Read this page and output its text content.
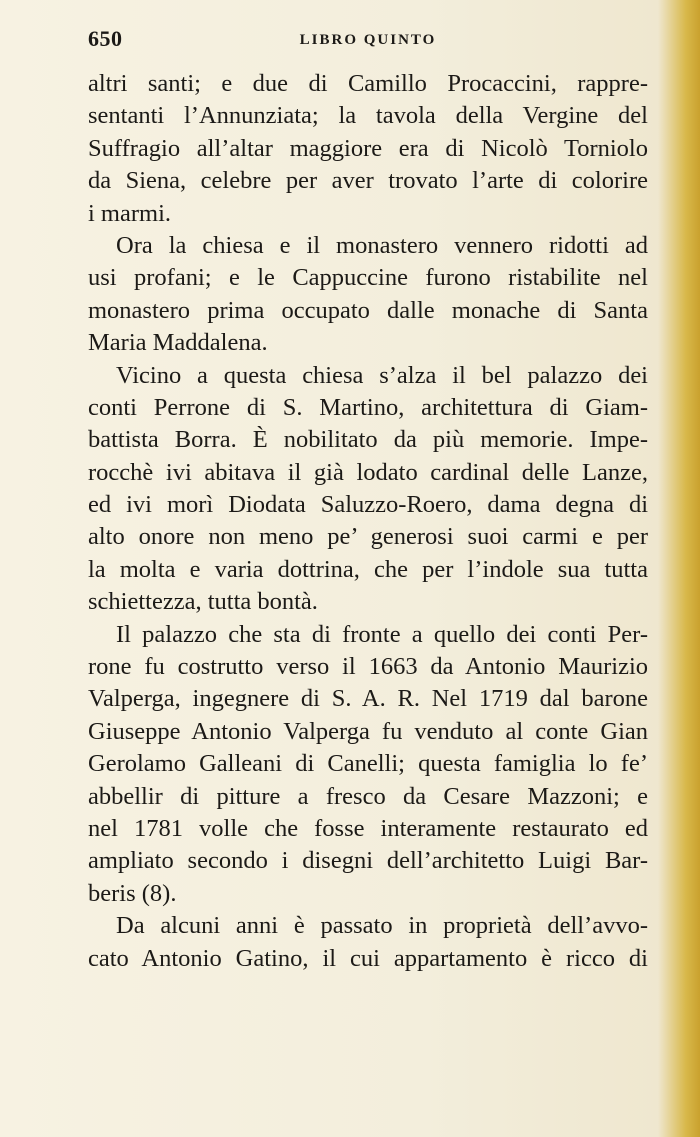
650	LIBRO QUINTO
altri santi; e due di Camillo Procaccini, rappre-
sentanti l’Annunziata; la tavola della Vergine del
Suffragio all’altar maggiore era di Nicolò Torniolo
da Siena, celebre per aver trovato l’arte di colorire
i marmi.
Ora la chiesa e il monastero vennero ridotti ad
usi profani; e le Cappuccine furono ristabilite nel
monastero prima occupato dalle monache di Santa
Maria Maddalena.
Vicino a questa chiesa s’alza il bel palazzo dei
conti Perrone di S. Martino, architettura di Giam-
battista Borra. È nobilitato da più memorie. Impe-
rocchè ivi abitava il già lodato cardinal delle Lanze,
ed ivi morì Diodata Saluzzo-Roero, dama degna di
alto onore non meno pe’ generosi suoi carmi e per
la molta e varia dottrina, che per l’indole sua tutta
schiettezza, tutta bontà.
Il palazzo che sta di fronte a quello dei conti Per-
rone fu costrutto verso il 1663 da Antonio Maurizio
Valperga, ingegnere di S. A. R. Nel 1719 dal barone
Giuseppe Antonio Valperga fu venduto al conte Gian
Gerolamo Galleani di Canelli; questa famiglia lo fe’
abbellir di pitture a fresco da Cesare Mazzoni; e
nel 1781 volle che fosse interamente restaurato ed
ampliato secondo i disegni dell’architetto Luigi Bar-
beris (8).
Da alcuni anni è passato in proprietà dell’avvo-
cato Antonio Gatino, il cui appartamento è ricco di
